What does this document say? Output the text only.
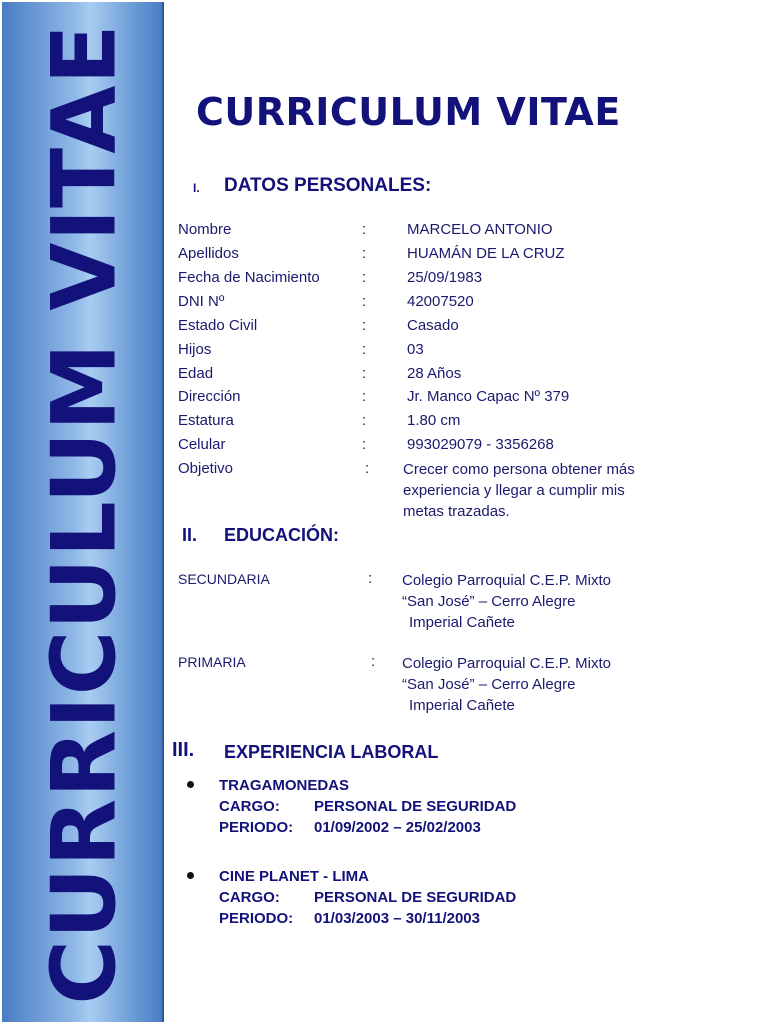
CURRICULUM VITAE CURRICULUM VITAE
I. DATOS PERSONALES:
Nombre	:	MARCELO ANTONIO
Apellidos	:	HUAMÁN DE LA CRUZ
Fecha de Nacimiento	:	25/09/1983
DNI Nº	:	42007520
Estado Civil	:	Casado
Hijos	:	03
Edad	:	28 Años
Dirección	:	Jr. Manco Capac Nº 379
Estatura	:	1.80 cm
Celular	:	993029079 - 3356268
Objetivo	: Crecer como persona obtener más
experiencia y llegar a cumplir mis
metas trazadas.
II. EDUCACIÓN:
SECUNDARIA	: Colegio Parroquial C.E.P. Mixto
“San José” – Cerro Alegre
Imperial Cañete
PRIMARIA	: Colegio Parroquial C.E.P. Mixto
“San José” – Cerro Alegre
Imperial Cañete
III. EXPERIENCIA LABORAL
TRAGAMONEDAS
CARGO: PERSONAL DE SEGURIDAD
PERIODO: 01/09/2002 – 25/02/2003
CINE PLANET - LIMA
CARGO: PERSONAL DE SEGURIDAD
PERIODO: 01/03/2003 – 30/11/2003
